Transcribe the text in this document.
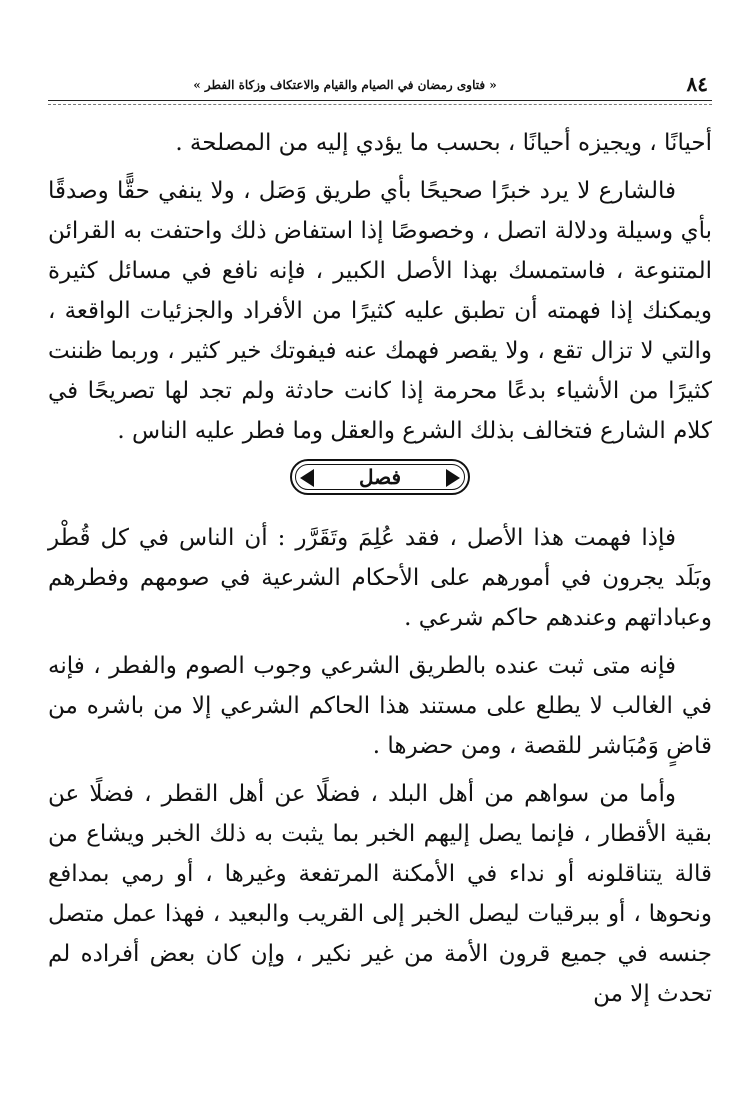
٨٤
« فتاوى رمضان في الصيام والقيام والاعتكاف وزكاة الفطر »

أحيانًا ، ويجيزه أحيانًا ، بحسب ما يؤدي إليه من المصلحة .

فالشارع لا يرد خبرًا صحيحًا بأي طريق وَصَل ، ولا ينفي حقًّا وصدقًا بأي وسيلة ودلالة اتصل ، وخصوصًا إذا استفاض ذلك واحتفت به القرائن المتنوعة ، فاستمسك بهذا الأصل الكبير ، فإنه نافع في مسائل كثيرة ويمكنك إذا فهمته أن تطبق عليه كثيرًا من الأفراد والجزئيات الواقعة ، والتي لا تزال تقع ، ولا يقصر فهمك عنه فيفوتك خير كثير ، وربما ظننت كثيرًا من الأشياء بدعًا محرمة إذا كانت حادثة ولم تجد لها تصريحًا في كلام الشارع فتخالف بذلك الشرع والعقل وما فطر عليه الناس .

فصل

فإذا فهمت هذا الأصل ، فقد عُلِمَ وتَقَرَّر : أن الناس في كل قُطْر وبَلَد يجرون في أمورهم على الأحكام الشرعية في صومهم وفطرهم وعباداتهم وعندهم حاكم شرعي .

فإنه متى ثبت عنده بالطريق الشرعي وجوب الصوم والفطر ، فإنه في الغالب لا يطلع على مستند هذا الحاكم الشرعي إلا من باشره من قاضٍ وَمُبَاشر للقصة ، ومن حضرها .

وأما من سواهم من أهل البلد ، فضلًا عن أهل القطر ، فضلًا عن بقية الأقطار ، فإنما يصل إليهم الخبر بما يثبت به ذلك الخبر ويشاع من قالة يتناقلونه أو نداء في الأمكنة المرتفعة وغيرها ، أو رمي بمدافع ونحوها ، أو ببرقيات ليصل الخبر إلى القريب والبعيد ، فهذا عمل متصل جنسه في جميع قرون الأمة من غير نكير ، وإن كان بعض أفراده لم تحدث إلا من
